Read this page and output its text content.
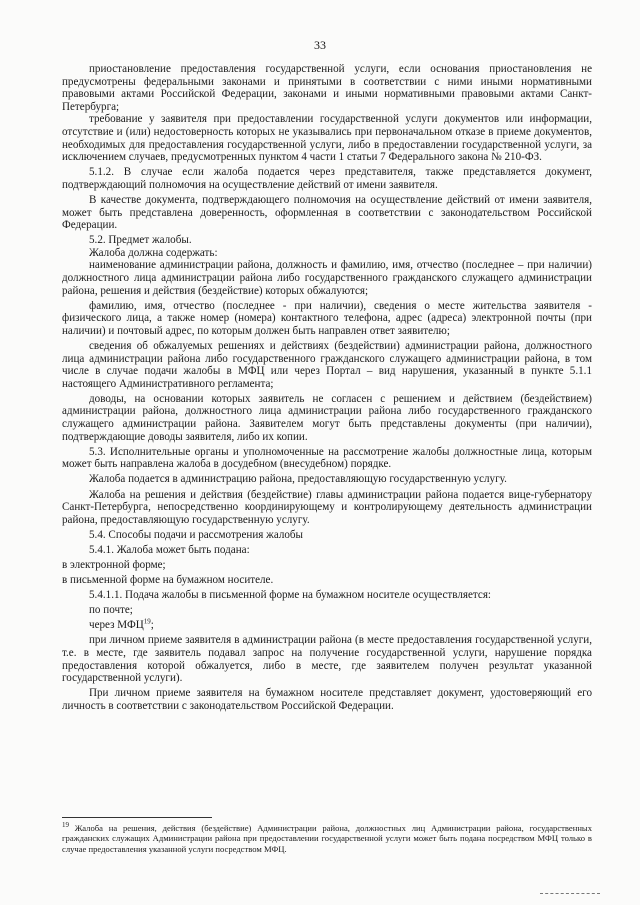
33

приостановление предоставления государственной услуги, если основания приостановления не предусмотрены федеральными законами и принятыми в соответствии с ними иными нормативными правовыми актами Российской Федерации, законами и иными нормативными правовыми актами Санкт-Петербурга;

требование у заявителя при предоставлении государственной услуги документов или информации, отсутствие и (или) недостоверность которых не указывались при первоначальном отказе в приеме документов, необходимых для предоставления государственной услуги, либо в предоставлении государственной услуги, за исключением случаев, предусмотренных пунктом 4 части 1 статьи 7 Федерального закона № 210-ФЗ.

5.1.2. В случае если жалоба подается через представителя, также представляется документ, подтверждающий полномочия на осуществление действий от имени заявителя.

В качестве документа, подтверждающего полномочия на осуществление действий от имени заявителя, может быть представлена доверенность, оформленная в соответствии с законодательством Российской Федерации.

5.2. Предмет жалобы.

Жалоба должна содержать:

наименование администрации района, должность и фамилию, имя, отчество (последнее – при наличии) должностного лица администрации района либо государственного гражданского служащего администрации района, решения и действия (бездействие) которых обжалуются;

фамилию, имя, отчество (последнее - при наличии), сведения о месте жительства заявителя - физического лица, а также номер (номера) контактного телефона, адрес (адреса) электронной почты (при наличии) и почтовый адрес, по которым должен быть направлен ответ заявителю;

сведения об обжалуемых решениях и действиях (бездействии) администрации района, должностного лица администрации района либо государственного гражданского служащего администрации района, в том числе в случае подачи жалобы в МФЦ или через Портал – вид нарушения, указанный в пункте 5.1.1 настоящего Административного регламента;

доводы, на основании которых заявитель не согласен с решением и действием (бездействием) администрации района, должностного лица администрации района либо государственного гражданского служащего администрации района. Заявителем могут быть представлены документы (при наличии), подтверждающие доводы заявителя, либо их копии.

5.3. Исполнительные органы и уполномоченные на рассмотрение жалобы должностные лица, которым может быть направлена жалоба в досудебном (внесудебном) порядке.

Жалоба подается в администрацию района, предоставляющую государственную услугу.

Жалоба на решения и действия (бездействие) главы администрации района подается вице-губернатору Санкт-Петербурга, непосредственно координирующему и контролирующему деятельность администрации района, предоставляющую государственную услугу.

5.4. Способы подачи и рассмотрения жалобы

5.4.1. Жалоба может быть подана:

в электронной форме;

в письменной форме на бумажном носителе.

5.4.1.1. Подача жалобы в письменной форме на бумажном носителе осуществляется:

по почте;

через МФЦ$^{19}$;

при личном приеме заявителя в администрации района (в месте предоставления государственной услуги, т.е. в месте, где заявитель подавал запрос на получение государственной услуги, нарушение порядка предоставления которой обжалуется, либо в месте, где заявителем получен результат указанной государственной услуги).

При личном приеме заявителя на бумажном носителе представляет документ, удостоверяющий его личность в соответствии с законодательством Российской Федерации.

$^{19}$ Жалоба на решения, действия (бездействие) Администрации района, должностных лиц Администрации района, государственных гражданских служащих Администрации района при предоставлении государственной услуги может быть подана посредством МФЦ только в случае предоставления указанной услуги посредством МФЦ.
